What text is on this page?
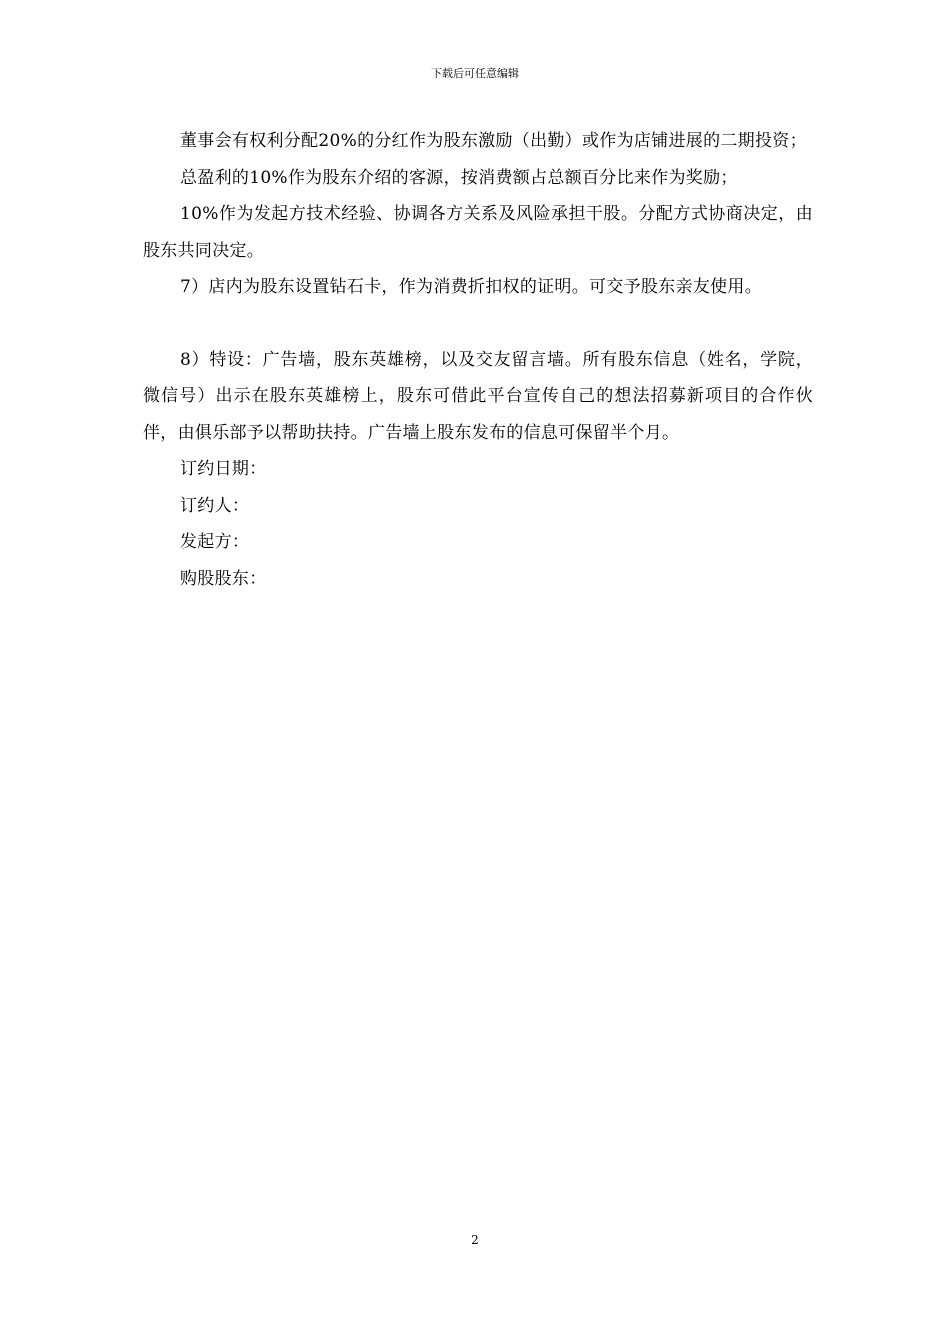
下载后可任意编辑

董事会有权利分配20%的分红作为股东激励（出勤）或作为店铺进展的二期投资；

总盈利的10%作为股东介绍的客源，按消费额占总额百分比来作为奖励；

10%作为发起方技术经验、协调各方关系及风险承担干股。分配方式协商决定，由股东共同决定。

7）店内为股东设置钻石卡，作为消费折扣权的证明。可交予股东亲友使用。

8）特设：广告墙，股东英雄榜，以及交友留言墙。所有股东信息（姓名，学院，微信号）出示在股东英雄榜上，股东可借此平台宣传自己的想法招募新项目的合作伙伴，由俱乐部予以帮助扶持。广告墙上股东发布的信息可保留半个月。

订约日期：

订约人：

发起方：

购股股东：

2
